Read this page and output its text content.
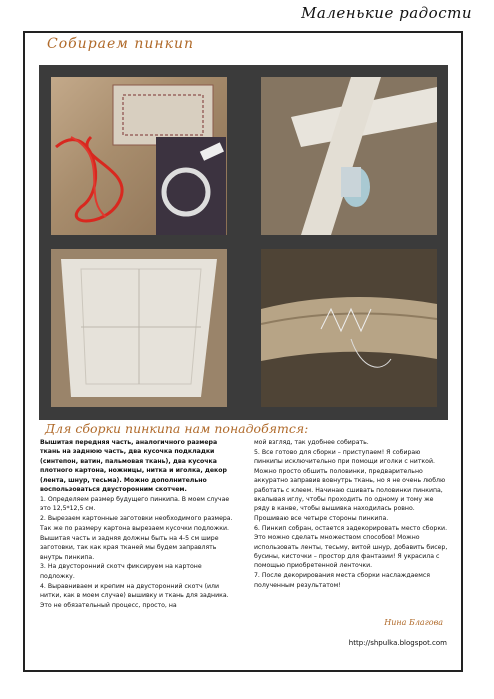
Маленькие радости
Собираем пинкип
Для сборки пинкипа нам понадобятся:

Вышитая передняя часть, аналогичного размера ткань на заднюю часть, два кусочка подкладки (синтепон, ватин, пальмовая ткань), два кусочка плотного картона, ножницы, нитка и иголка, декор (лента, шнур, тесьма). Можно дополнительно воспользоваться двусторонним скотчем.

1. Определяем размер будущего пинкипа. В моем случае это 12,5*12,5 см.

2. Вырезаем картонные заготовки необходимого размера. Так же по размеру картона вырезаем кусочки подложки.

Вышитая часть и задняя должны быть на 4-5 см шире заготовки, так как края тканей мы будем заправлять внутрь пинкипа.

3. На двусторонний скотч фиксируем на картоне подложку.

4. Выравниваем и крепим на двусторонний скотч (или нитки, как в моем случае) вышивку и ткань для задника. Это не обязательный процесс, просто, на

мой взгляд, так удобнее собирать.

5. Все готово для сборки – приступаем! Я собираю пинкипы исключительно при помощи иголки с ниткой. Можно просто обшить половинки, предварительно аккуратно заправив вовнутрь ткань, но я не очень люблю работать с клеем. Начинаю сшивать половинки пинкипа, вкалывая иглу, чтобы проходить по одному и тому же ряду в канве, чтобы вышивка находилась ровно. Прошиваю все четыре стороны пинкипа.

6. Пинкип собран, остается задекорировать место сборки. Это можно сделать множеством способов! Можно использовать ленты, тесьму, витой шнур, добавить бисер, бусины, кисточки – простор для фантазии! Я украсила с помощью приобретенной ленточки.

7. После декорирования места сборки наслаждаемся полученным результатом!

Нина Благова
http://shpulka.blogspot.com
